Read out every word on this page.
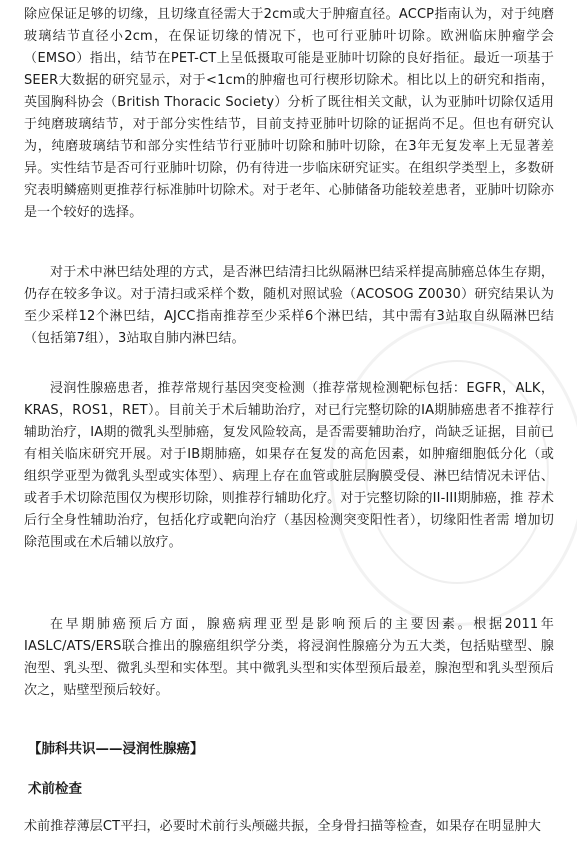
除应保证足够的切缘，且切缘直径需大于2cm或大于肿瘤直径。ACCP指南认为，对于纯磨玻璃结节直径小2cm，在保证切缘的情况下，也可行亚肺叶切除。欧洲临床肿瘤学会（EMSO）指出，结节在PET-CT上呈低摄取可能是亚肺叶切除的良好指征。最近一项基于SEER大数据的研究显示，对于<1cm的肿瘤也可行楔形切除术。相比以上的研究和指南，英国胸科协会（British Thoracic Society）分析了既往相关文献，认为亚肺叶切除仅适用于纯磨玻璃结节，对于部分实性结节，目前支持亚肺叶切除的证据尚不足。但也有研究认为，纯磨玻璃结节和部分实性结节行亚肺叶切除和肺叶切除，在3年无复发率上无显著差异。实性结节是否可行亚肺叶切除，仍有待进一步临床研究证实。在组织学类型上，多数研究表明鳞癌则更推荐行标准肺叶切除术。对于老年、心肺储备功能较差患者，亚肺叶切除亦是一个较好的选择。

对于术中淋巴结处理的方式，是否淋巴结清扫比纵隔淋巴结采样提高肺癌总体生存期，仍存在较多争议。对于清扫或采样个数，随机对照试验（ACOSOG Z0030）研究结果认为至少采样12个淋巴结，AJCC指南推荐至少采样6个淋巴结，其中需有3站取自纵隔淋巴结（包括第7组），3站取自肺内淋巴结。

浸润性腺癌患者，推荐常规行基因突变检测（推荐常规检测靶标包括：EGFR，ALK，KRAS，ROS1，RET）。目前关于术后辅助治疗，对已行完整切除的IA期肺癌患者不推荐行辅助治疗，IA期的微乳头型肺癌，复发风险较高，是否需要辅助治疗，尚缺乏证据，目前已有相关临床研究开展。对于IB期肺癌，如果存在复发的高危因素，如肿瘤细胞低分化（或 组织学亚型为微乳头型或实体型）、病理上存在血管或脏层胸膜受侵、淋巴结情况未评估、 或者手术切除范围仅为楔形切除，则推荐行辅助化疗。对于完整切除的II-III期肺癌，推 荐术后行全身性辅助治疗，包括化疗或靶向治疗（基因检测突变阳性者），切缘阳性者需 增加切除范围或在术后辅以放疗。

在早期肺癌预后方面，腺癌病理亚型是影响预后的主要因素。根据2011年IASLC/ATS/ERS联合推出的腺癌组织学分类，将浸润性腺癌分为五大类，包括贴壁型、腺泡型、乳头型、微乳头型和实体型。其中微乳头型和实体型预后最差，腺泡型和乳头型预后次之，贴壁型预后较好。

【肺科共识——浸润性腺癌】
术前检查

术前推荐薄层CT平扫，必要时术前行头颅磁共振，全身骨扫描等检查，如果存在明显肿大
